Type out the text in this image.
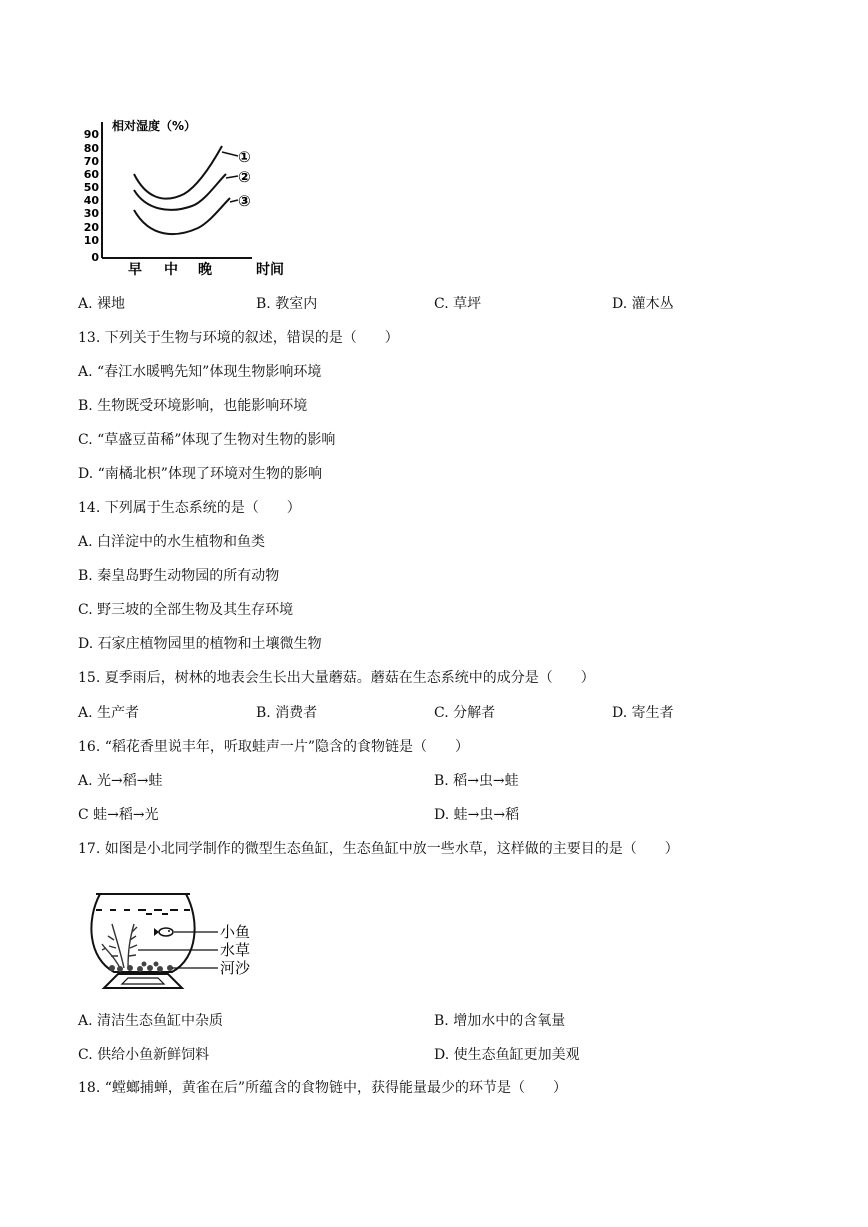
相对湿度（%）
90
80
70
60
50
40
30
20
10
0
①
②
③
早 中 晚	时间
A. 裸地	B. 教室内	C. 草坪	D. 灌木丛
13. 下列关于生物与环境的叙述，错误的是（　　）
A. “春江水暖鸭先知”体现生物影响环境
B. 生物既受环境影响，也能影响环境
C. “草盛豆苗稀”体现了生物对生物的影响
D. “南橘北枳”体现了环境对生物的影响
14. 下列属于生态系统的是（　　）
A. 白洋淀中的水生植物和鱼类
B. 秦皇岛野生动物园的所有动物
C. 野三坡的全部生物及其生存环境
D. 石家庄植物园里的植物和土壤微生物
15. 夏季雨后，树林的地表会生长出大量蘑菇。蘑菇在生态系统中的成分是（　　）
A. 生产者	B. 消费者	C. 分解者	D. 寄生者
16. “稻花香里说丰年，听取蛙声一片”隐含的食物链是（　　）
A. 光→稻→蛙	B. 稻→虫→蛙
C 蛙→稻→光	D. 蛙→虫→稻
17. 如图是小北同学制作的微型生态鱼缸，生态鱼缸中放一些水草，这样做的主要目的是（　　）
小鱼
水草
河沙
A. 清洁生态鱼缸中杂质	B. 增加水中的含氧量
C. 供给小鱼新鲜饲料	D. 使生态鱼缸更加美观
18. “螳螂捕蝉，黄雀在后”所蕴含的食物链中，获得能量最少的环节是（　　）
